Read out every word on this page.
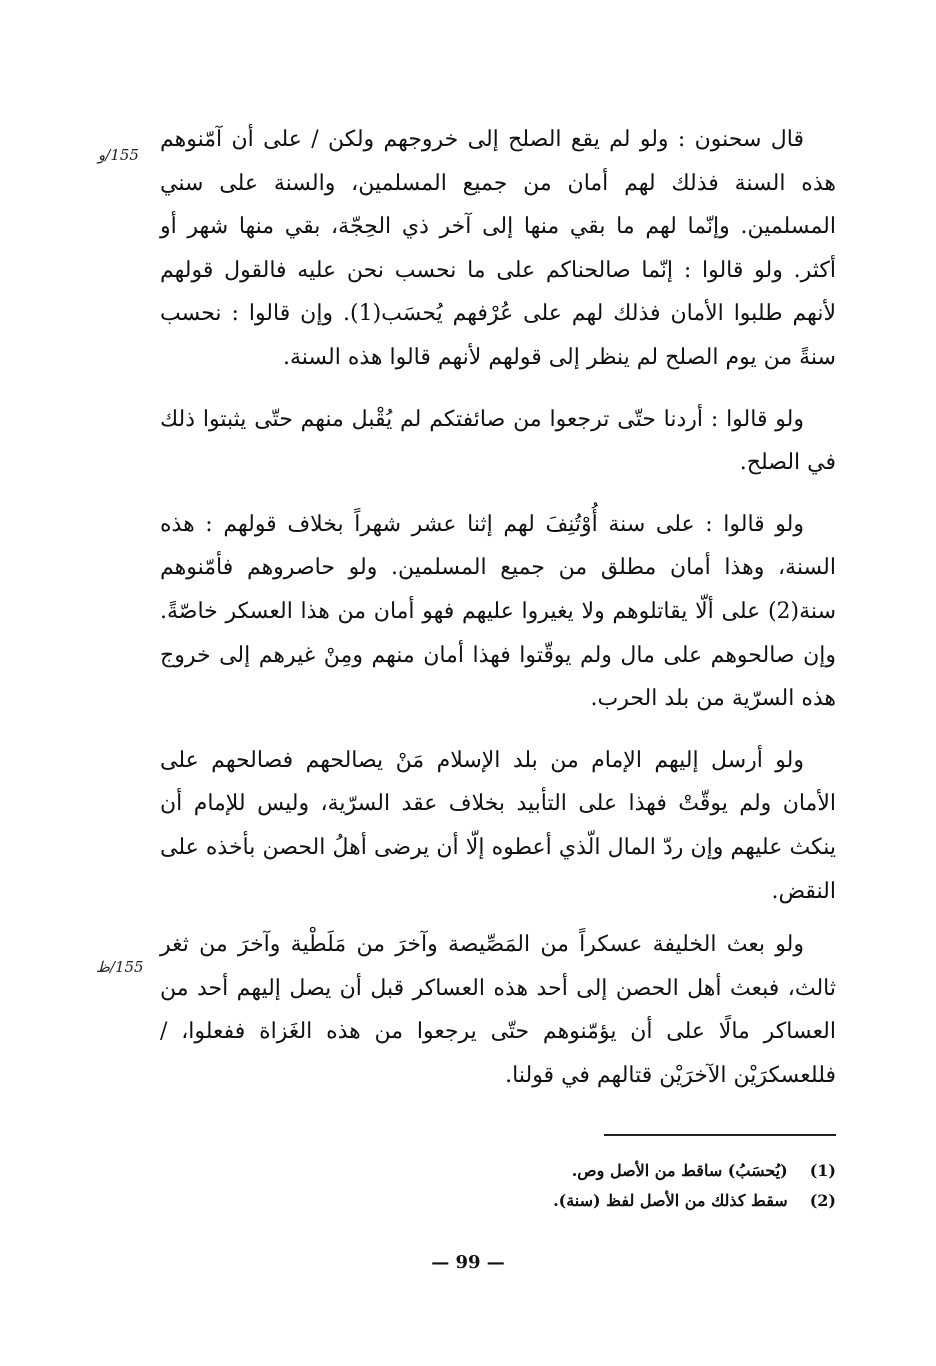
155/و
155/ظ

قال سحنون : ولو لم يقع الصلح إلى خروجهم ولكن / على أن آمّنوهم هذه السنة فذلك لهم أمان من جميع المسلمين، والسنة على سني المسلمين. وإنّما لهم ما بقي منها إلى آخر ذي الحِجّة، بقي منها شهر أو أكثر. ولو قالوا : إنّما صالحناكم على ما نحسب نحن عليه فالقول قولهم لأنهم طلبوا الأمان فذلك لهم على عُرْفهم يُحسَب(1). وإن قالوا : نحسب سنةً من يوم الصلح لم ينظر إلى قولهم لأنهم قالوا هذه السنة.

ولو قالوا : أردنا حتّى ترجعوا من صائفتكم لم يُقْبل منهم حتّى يثبتوا ذلك في الصلح.

ولو قالوا : على سنة أُوْتُنِفَ لهم إثنا عشر شهراً بخلاف قولهم : هذه السنة، وهذا أمان مطلق من جميع المسلمين. ولو حاصروهم فأمّنوهم سنة(2) على ألّا يقاتلوهم ولا يغيروا عليهم فهو أمان من هذا العسكر خاصّةً. وإن صالحوهم على مال ولم يوقّتوا فهذا أمان منهم ومِنْ غيرهم إلى خروج هذه السرّية من بلد الحرب.

ولو أرسل إليهم الإمام من بلد الإسلام مَنْ يصالحهم فصالحهم على الأمان ولم يوقّتْ فهذا على التأبيد بخلاف عقد السرّية، وليس للإمام أن ينكث عليهم وإن ردّ المال الّذي أعطوه إلّا أن يرضى أهلُ الحصن بأخذه على النقض.

ولو بعث الخليفة عسكراً من المَصِّيصة وآخرَ من مَلَطْية وآخرَ من ثغر ثالث، فبعث أهل الحصن إلى أحد هذه العساكر قبل أن يصل إليهم أحد من العساكر مالًا على أن يؤمّنوهم حتّى يرجعوا من هذه الغَزاة ففعلوا، / فللعسكرَيْن الآخرَيْن قتالهم في قولنا.

(1)
(يُحسَبُ) ساقط من الأصل وص.
(2)
سقط كذلك من الأصل لفظ (سنة).
— 99 —
